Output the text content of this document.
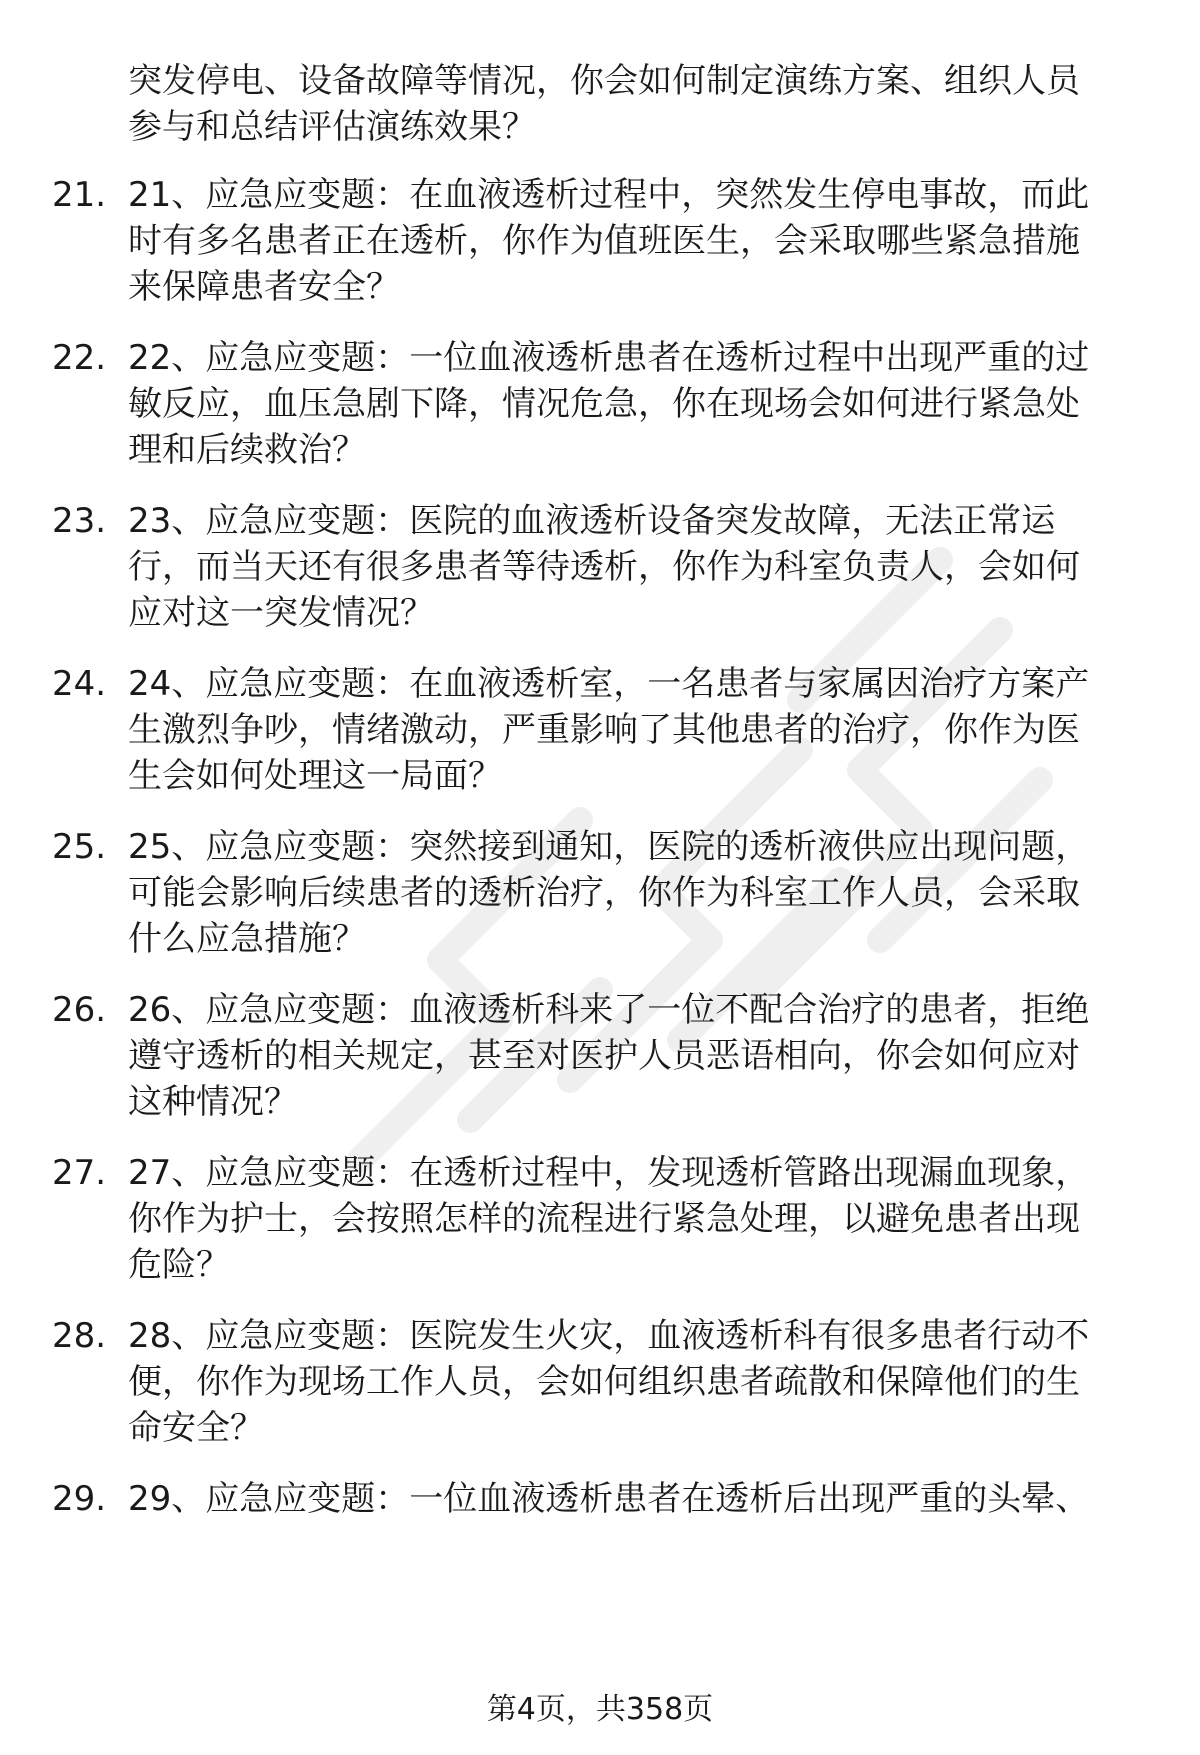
突发停电、设备故障等情况，你会如何制定演练方案、组织人员
参与和总结评估演练效果？
21. 21、应急应变题：在血液透析过程中，突然发生停电事故，而此
时有多名患者正在透析，你作为值班医生，会采取哪些紧急措施
来保障患者安全？
22. 22、应急应变题：一位血液透析患者在透析过程中出现严重的过
敏反应，血压急剧下降，情况危急，你在现场会如何进行紧急处
理和后续救治？
23. 23、应急应变题：医院的血液透析设备突发故障，无法正常运
行，而当天还有很多患者等待透析，你作为科室负责人，会如何
应对这一突发情况？
24. 24、应急应变题：在血液透析室，一名患者与家属因治疗方案产
生激烈争吵，情绪激动，严重影响了其他患者的治疗，你作为医
生会如何处理这一局面？
25. 25、应急应变题：突然接到通知，医院的透析液供应出现问题，
可能会影响后续患者的透析治疗，你作为科室工作人员，会采取
什么应急措施？
26. 26、应急应变题：血液透析科来了一位不配合治疗的患者，拒绝
遵守透析的相关规定，甚至对医护人员恶语相向，你会如何应对
这种情况？
27. 27、应急应变题：在透析过程中，发现透析管路出现漏血现象，
你作为护士，会按照怎样的流程进行紧急处理，以避免患者出现
危险？
28. 28、应急应变题：医院发生火灾，血液透析科有很多患者行动不
便，你作为现场工作人员，会如何组织患者疏散和保障他们的生
命安全？
29. 29、应急应变题：一位血液透析患者在透析后出现严重的头晕、
第4页，共358页
